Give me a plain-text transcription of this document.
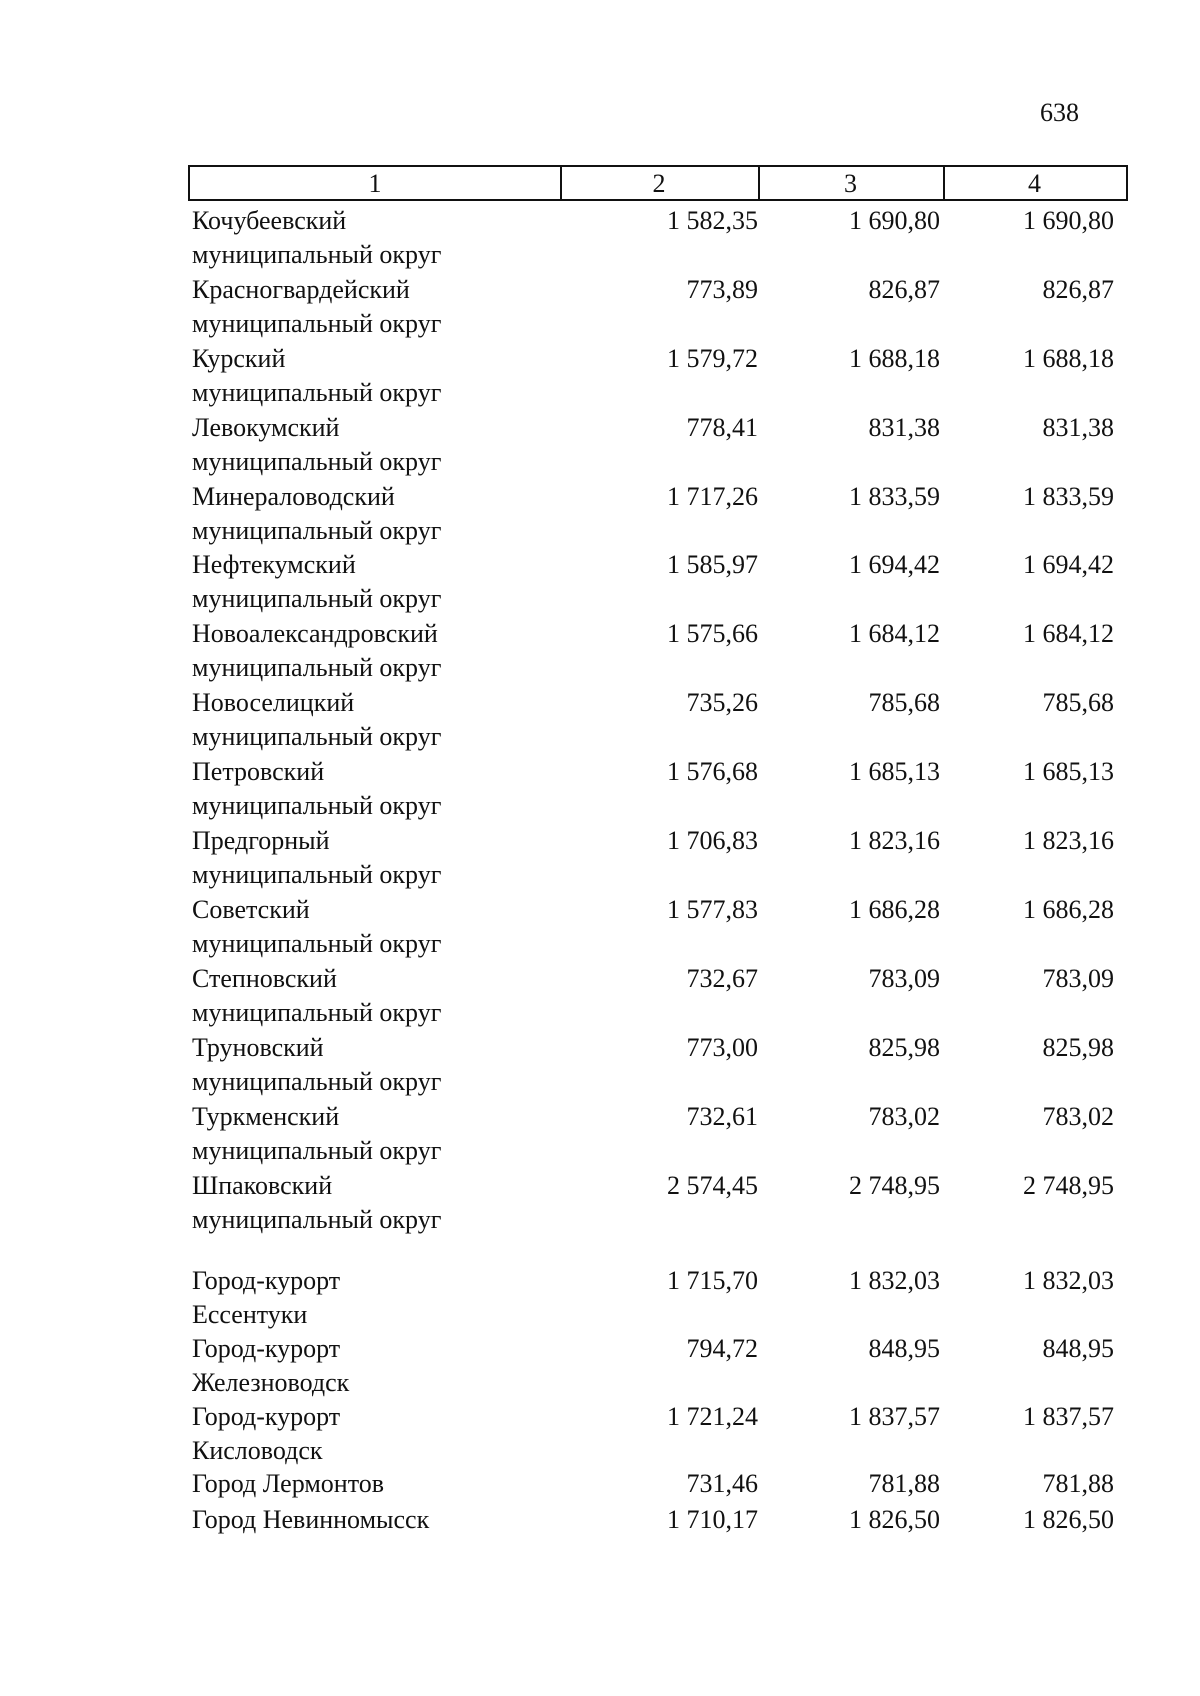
638
1	2	3	4
Кочубеевский
муниципальный округ
1 582,35	1 690,80	1 690,80
Красногвардейский
муниципальный округ
773,89	826,87	826,87
Курский
муниципальный округ
1 579,72	1 688,18	1 688,18
Левокумский
муниципальный округ
778,41	831,38	831,38
Минераловодский
муниципальный округ
1 717,26	1 833,59	1 833,59
Нефтекумский
муниципальный округ
1 585,97	1 694,42	1 694,42
Новоалександровский
муниципальный округ
1 575,66	1 684,12	1 684,12
Новоселицкий
муниципальный округ
735,26	785,68	785,68
Петровский
муниципальный округ
1 576,68	1 685,13	1 685,13
Предгорный
муниципальный округ
1 706,83	1 823,16	1 823,16
Советский
муниципальный округ
1 577,83	1 686,28	1 686,28
Степновский
муниципальный округ
732,67	783,09	783,09
Труновский
муниципальный округ
773,00	825,98	825,98
Туркменский
муниципальный округ
732,61	783,02	783,02
Шпаковский
муниципальный округ
2 574,45	2 748,95	2 748,95
Город-курорт
Ессентуки
1 715,70	1 832,03	1 832,03
Город-курорт
Железноводск
794,72	848,95	848,95
Город-курорт
Кисловодск
1 721,24	1 837,57	1 837,57
Город Лермонтов	731,46	781,88	781,88
Город Невинномысск	1 710,17	1 826,50	1 826,50
